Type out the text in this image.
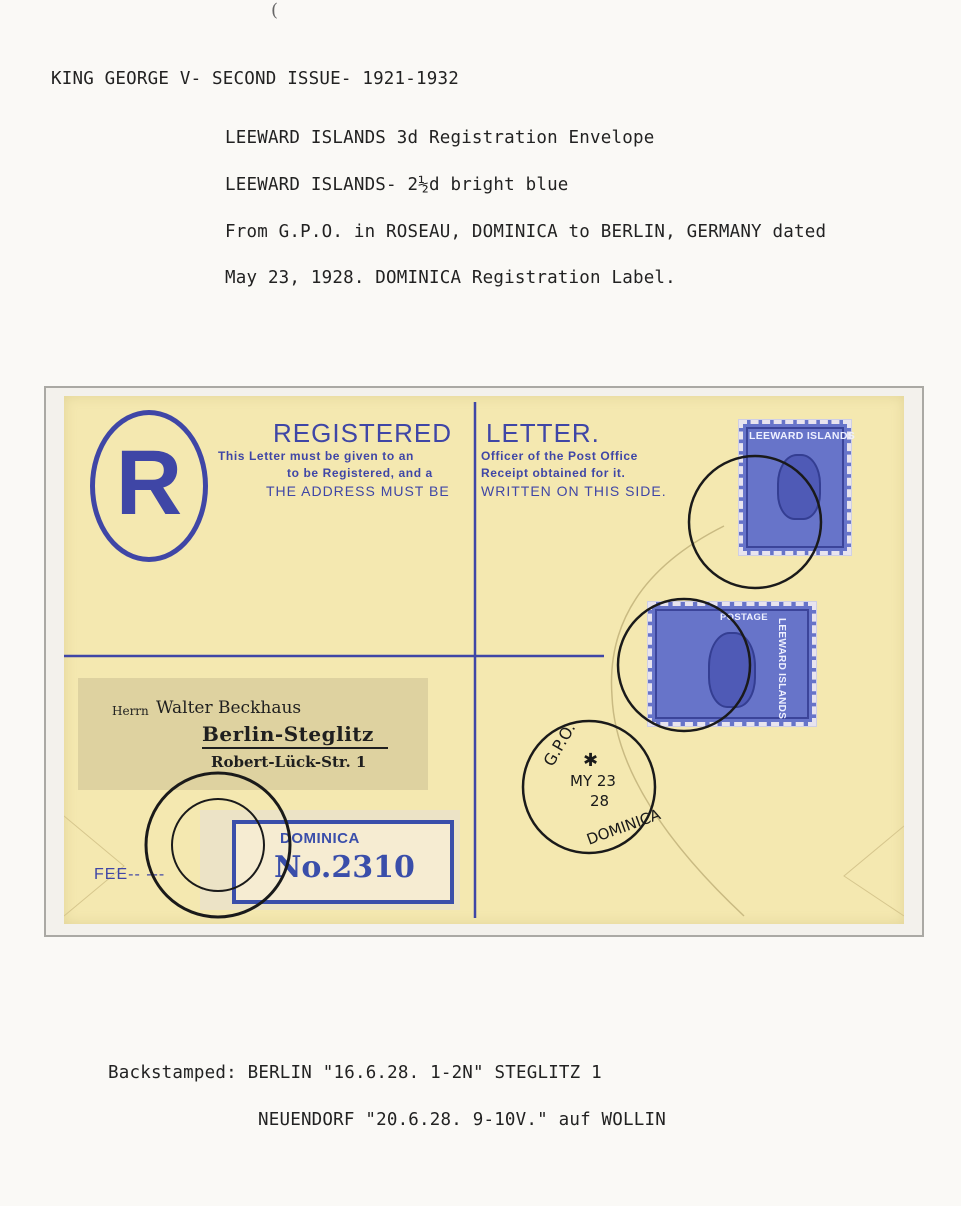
(
KING GEORGE V- SECOND ISSUE- 1921-1932
LEEWARD ISLANDS 3d Registration Envelope
LEEWARD ISLANDS- 2½d bright blue
From G.P.O. in ROSEAU, DOMINICA to BERLIN, GERMANY dated
May 23, 1928. DOMINICA Registration Label.
REGISTERED LETTER.
This Letter must be given to an
to be Registered, and a
THE ADDRESS MUST BE
Officer of the Post Office
Receipt obtained for it.
WRITTEN ON THIS SIDE.
R
FEE-- ---
LEEWARD ISLANDS
POSTAGE
LEEWARD ISLANDS
Herrn Walter Beckhaus
Berlin-Steglitz
Robert-Lück-Str. 1
DOMINICA
No.2310
G.P.O. ✱
MY 23
28
DOMINICA
Backstamped: BERLIN "16.6.28. 1-2N" STEGLITZ 1
NEUENDORF "20.6.28. 9-10V." auf WOLLIN
